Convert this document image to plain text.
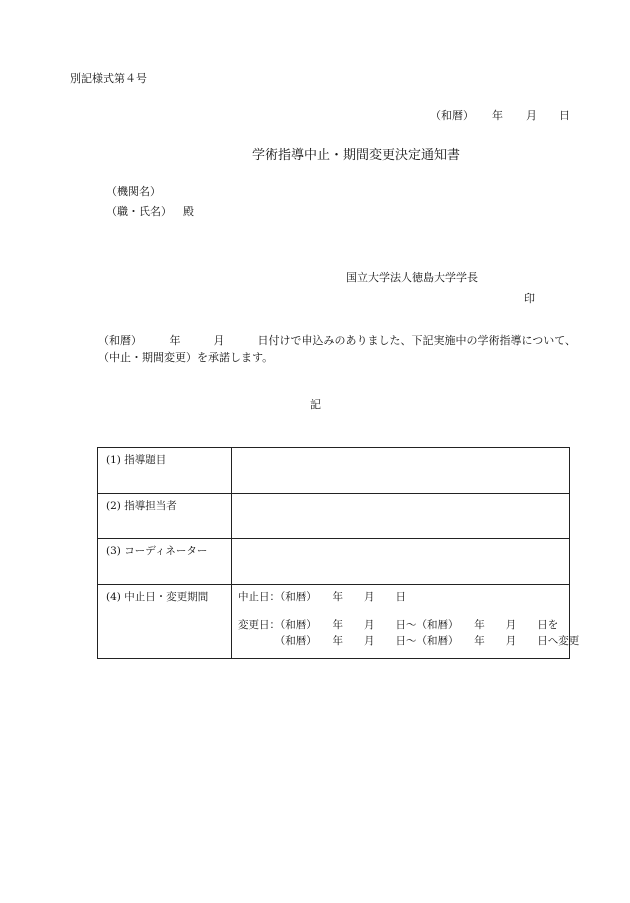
別記様式第４号
（和暦） 年 月 日
学術指導中止・期間変更決定通知書
（機関名）
（職・氏名） 殿
国立大学法人徳島大学学長
印
（和暦）　　　年　　　月　　　日付けで申込みのありました、下記実施中の学術指導について、
（中止・期間変更）を承諾します。
記
(1) 指導題目
(2) 指導担当者
(3) コーディネーター
(4) 中止日・変更期間	中止日：（和暦）　　年　　月　　日
変更日：（和暦）　　年　　月　　日〜（和暦）　　年　　月　　日を
　　　　（和暦）　　年　　月　　日〜（和暦）　　年　　月　　日へ変更
